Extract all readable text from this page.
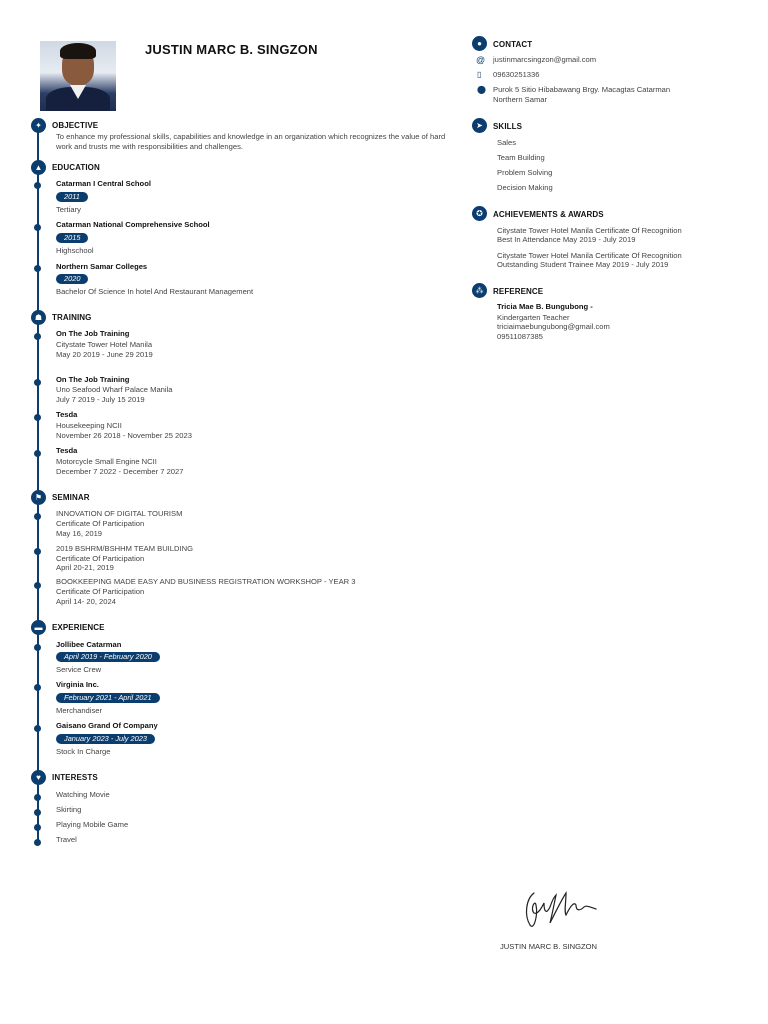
JUSTIN MARC B. SINGZON
✦	OBJECTIVE
To enhance my professional skills, capabilities and knowledge in an organization which recognizes the value of hard work and trusts me with responsibilities and challenges.
▲	EDUCATION
Catarman I Central School
2011
Tertiary
Catarman National Comprehensive School
2015
Highschool
Northern Samar Colleges
2020
Bachelor Of Science In hotel And Restaurant Management
☗	TRAINING
On The Job Training
Citystate Tower Hotel Manila
May 20 2019 - June 29 2019
On The Job Training
Uno Seafood Wharf Palace Manila
July 7 2019 - July 15 2019
Tesda
Housekeeping NCII
November 26 2018 - November 25 2023
Tesda
Motorcycle Small Engine NCII
December 7 2022 - December 7 2027
⚑	SEMINAR
INNOVATION OF DIGITAL TOURISM
Certificate Of Participation
May 16, 2019
2019 BSHRM/BSHHM TEAM BUILDING
Certificate Of Participation
April 20-21, 2019
BOOKKEEPING MADE EASY AND BUSINESS REGISTRATION WORKSHOP - YEAR 3
Certificate Of Participation
April 14- 20, 2024
▬	EXPERIENCE
Jollibee Catarman
April 2019 - February 2020
Service Crew
Virginia Inc.
February 2021 - April 2021
Merchandiser
Gaisano Grand Of Company
January 2023 - July 2023
Stock In Charge
♥	INTERESTS
Watching Movie
Skirting
Playing Mobile Game
Travel
●	CONTACT
@ justinmarcsingzon@gmail.com
▯ 09630251336
⬤ Purok 5 Sitio Hibabawang Brgy. Macagtas Catarman
Northern Samar
➤	SKILLS
Sales
Team Building
Problem Solving
Decision Making
✪	ACHIEVEMENTS & AWARDS
Citystate Tower Hotel Manila Certificate Of Recognition
Best In Attendance May 2019 - July 2019
Citystate Tower Hotel Manila Certificate Of Recognition
Outstanding Student Trainee May 2019 - July 2019
⁂	REFERENCE
Tricia Mae B. Bungubong -
Kindergarten Teacher
triciaimaebungubong@gmail.com
09511087385
JUSTIN MARC B. SINGZON
